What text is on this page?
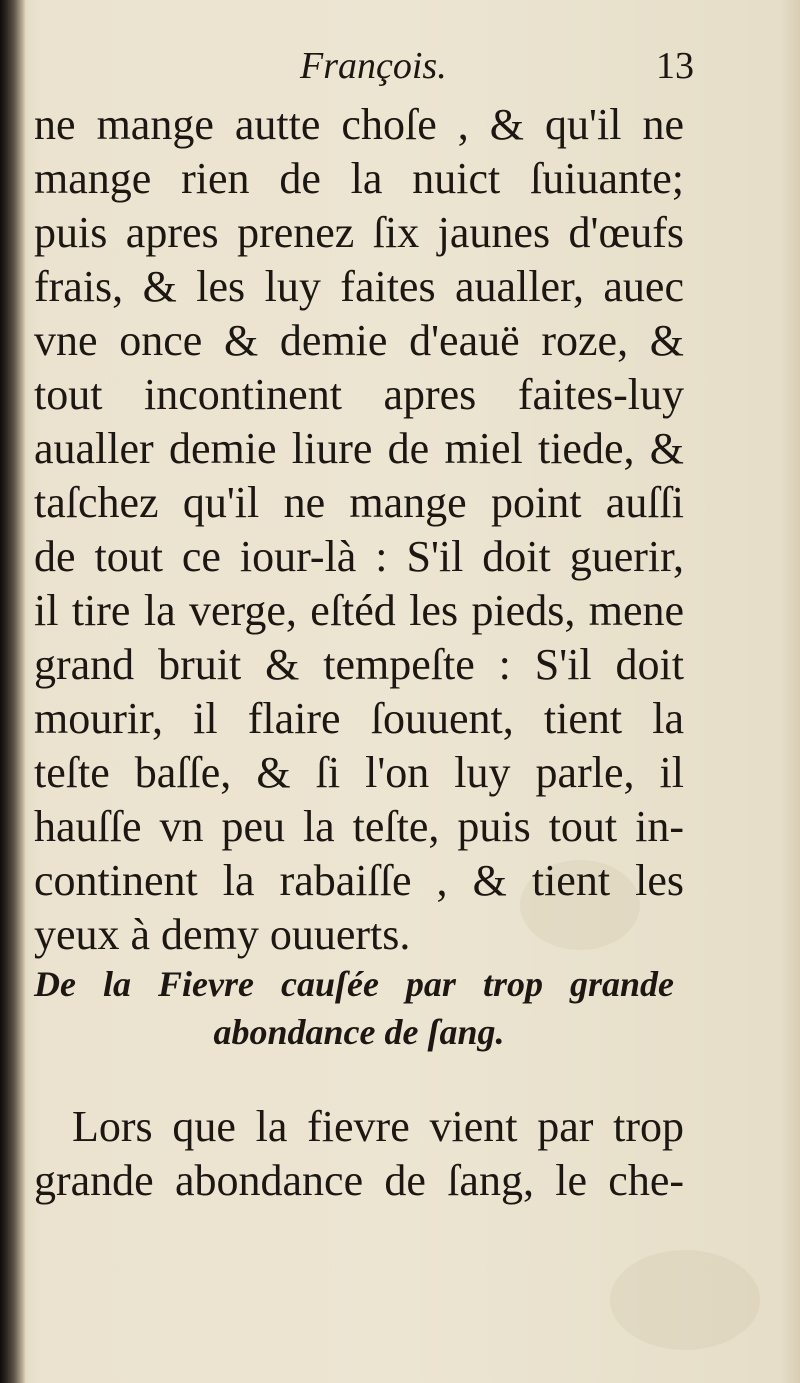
François.	13
ne mange autte choſe , & qu'il ne
mange rien de la nuict ſuiuante;
puis apres prenez ſix jaunes d'œufs
frais, & les luy faites aualler, auec
vne once & demie d'eauë roze, &
tout incontinent apres faites-luy
aualler demie liure de miel tiede, &
taſchez qu'il ne mange point auſſi
de tout ce iour-là : S'il doit guerir,
il tire la verge, eſtéd les pieds, mene
grand bruit & tempeſte : S'il doit
mourir, il flaire ſouuent, tient la
teſte baſſe, & ſi l'on luy parle, il
hauſſe vn peu la teſte, puis tout in-
continent la rabaiſſe , & tient les
yeux à demy ouuerts.
De la Fievre cauſée par trop grande
abondance de ſang.
Lors que la fievre vient par trop
grande abondance de ſang, le che-
